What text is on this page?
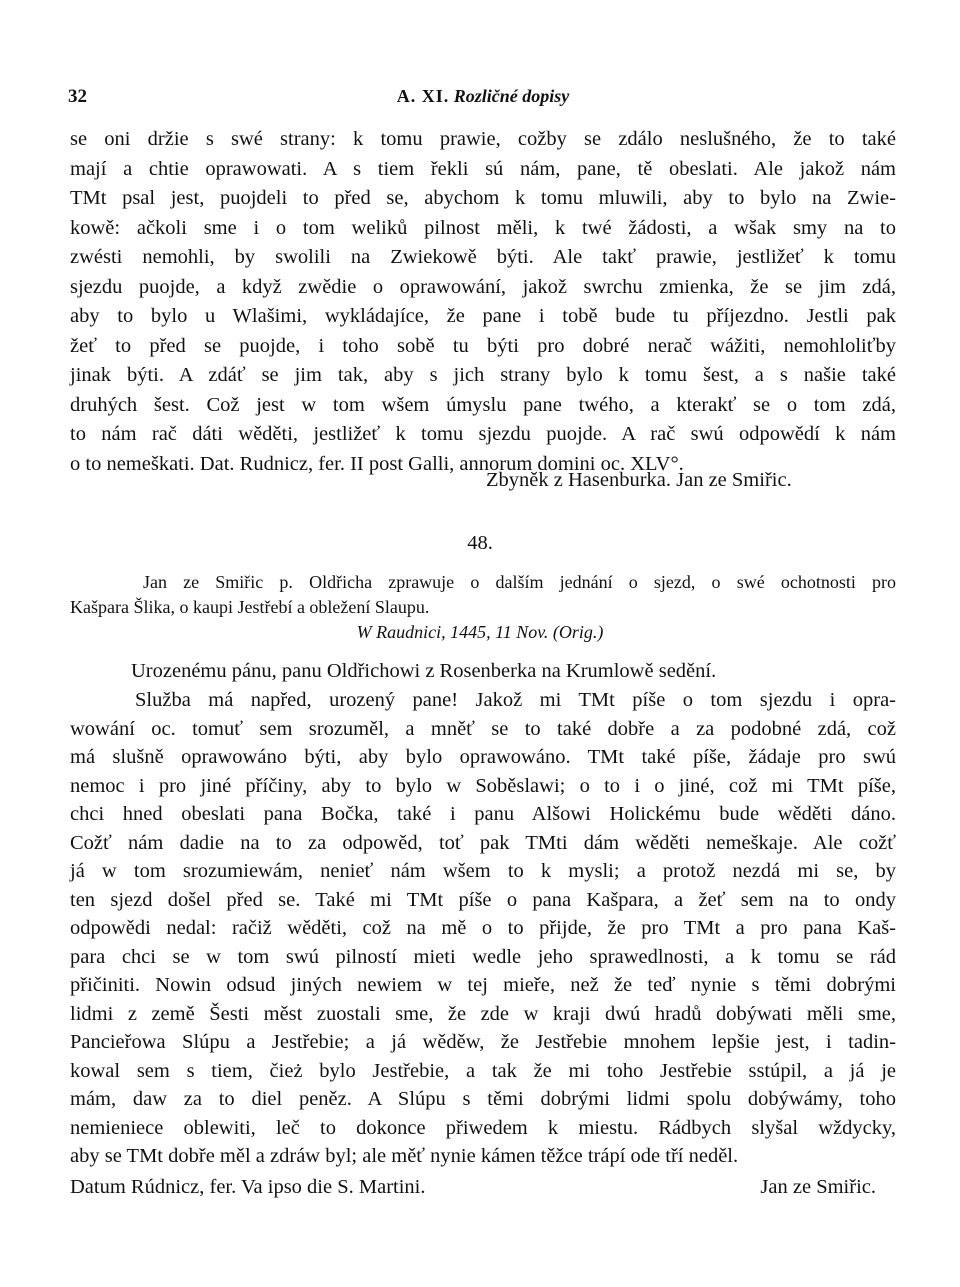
32	A. XI. Rozličné dopisy
se oni držie s swé strany: k tomu prawie, cožby se zdálo neslušného, že to také
mají a chtie oprawowati. A s tiem řekli sú nám, pane, tě obeslati. Ale jakož nám
TMt psal jest, puojdeli to před se, abychom k tomu mluwili, aby to bylo na Zwie-
kowě: ačkoli sme i o tom weliků pilnost měli, k twé žádosti, a wšak smy na to
zwésti nemohli, by swolili na Zwiekowě býti. Ale takť prawie, jestližeť k tomu
sjezdu puojde, a když zwědie o oprawowání, jakož swrchu zmienka, že se jim zdá,
aby to bylo u Wlašimi, wykládajíce, že pane i tobě bude tu příjezdno. Jestli pak
žeť to před se puojde, i toho sobě tu býti pro dobré nerač wážiti, nemohloliťby
jinak býti. A zdáť se jim tak, aby s jich strany bylo k tomu šest, a s našie také
druhých šest. Což jest w tom wšem úmyslu pane twého, a kterakť se o tom zdá,
to nám rač dáti wěděti, jestližeť k tomu sjezdu puojde. A rač swú odpowědí k nám
o to nemeškati. Dat. Rudnicz, fer. II post Galli, annorum domini oc. XLV°.
Zbyněk z Hasenburka. Jan ze Smiřic.
48.
Jan ze Smiřic p. Oldřicha zprawuje o dalším jednání o sjezd, o swé ochotnosti pro
Kašpara Šlika, o kaupi Jestřebí a obležení Slaupu.
W Raudnici, 1445, 11 Nov. (Orig.)
Urozenému pánu, panu Oldřichowi z Rosenberka na Krumlowě sedění.
Služba má napřed, urozený pane! Jakož mi TMt píše o tom sjezdu i opra-
wowání oc. tomuť sem srozuměl, a mněť se to také dobře a za podobné zdá, což
má slušně oprawowáno býti, aby bylo oprawowáno. TMt také píše, žádaje pro swú
nemoc i pro jiné příčiny, aby to bylo w Soběslawi; o to i o jiné, což mi TMt píše,
chci hned obeslati pana Bočka, také i panu Alšowi Holickému bude wěděti dáno.
Cožť nám dadie na to za odpowěd, toť pak TMti dám wěděti nemeškaje. Ale cožť
já w tom srozumiewám, nenieť nám wšem to k mysli; a protož nezdá mi se, by
ten sjezd došel před se. Také mi TMt píše o pana Kašpara, a žeť sem na to ondy
odpowědi nedal: račiž wěděti, což na mě o to přijde, že pro TMt a pro pana Kaš-
para chci se w tom swú pilností mieti wedle jeho sprawedlnosti, a k tomu se rád
přičiniti. Nowin odsud jiných newiem w tej mieře, než že teď nynie s těmi dobrými
lidmi z země Šesti měst zuostali sme, že zde w kraji dwú hradů dobýwati měli sme,
Pancieřowa Slúpu a Jestřebie; a já wěděw, že Jestřebie mnohem lepšie jest, i tadin-
kowal sem s tiem, čież bylo Jestřebie, a tak že mi toho Jestřebie sstúpil, a já je
mám, daw za to diel peněz. A Slúpu s těmi dobrými lidmi spolu dobýwámy, toho
nemieniece oblewiti, leč to dokonce přiwedem k miestu. Rádbych slyšal wždycky,
aby se TMt dobře měl a zdráw byl; ale měť nynie kámen těžce trápí ode tří neděl.
Datum Rúdnicz, fer. Va ipso die S. Martini.	Jan ze Smiřic.
